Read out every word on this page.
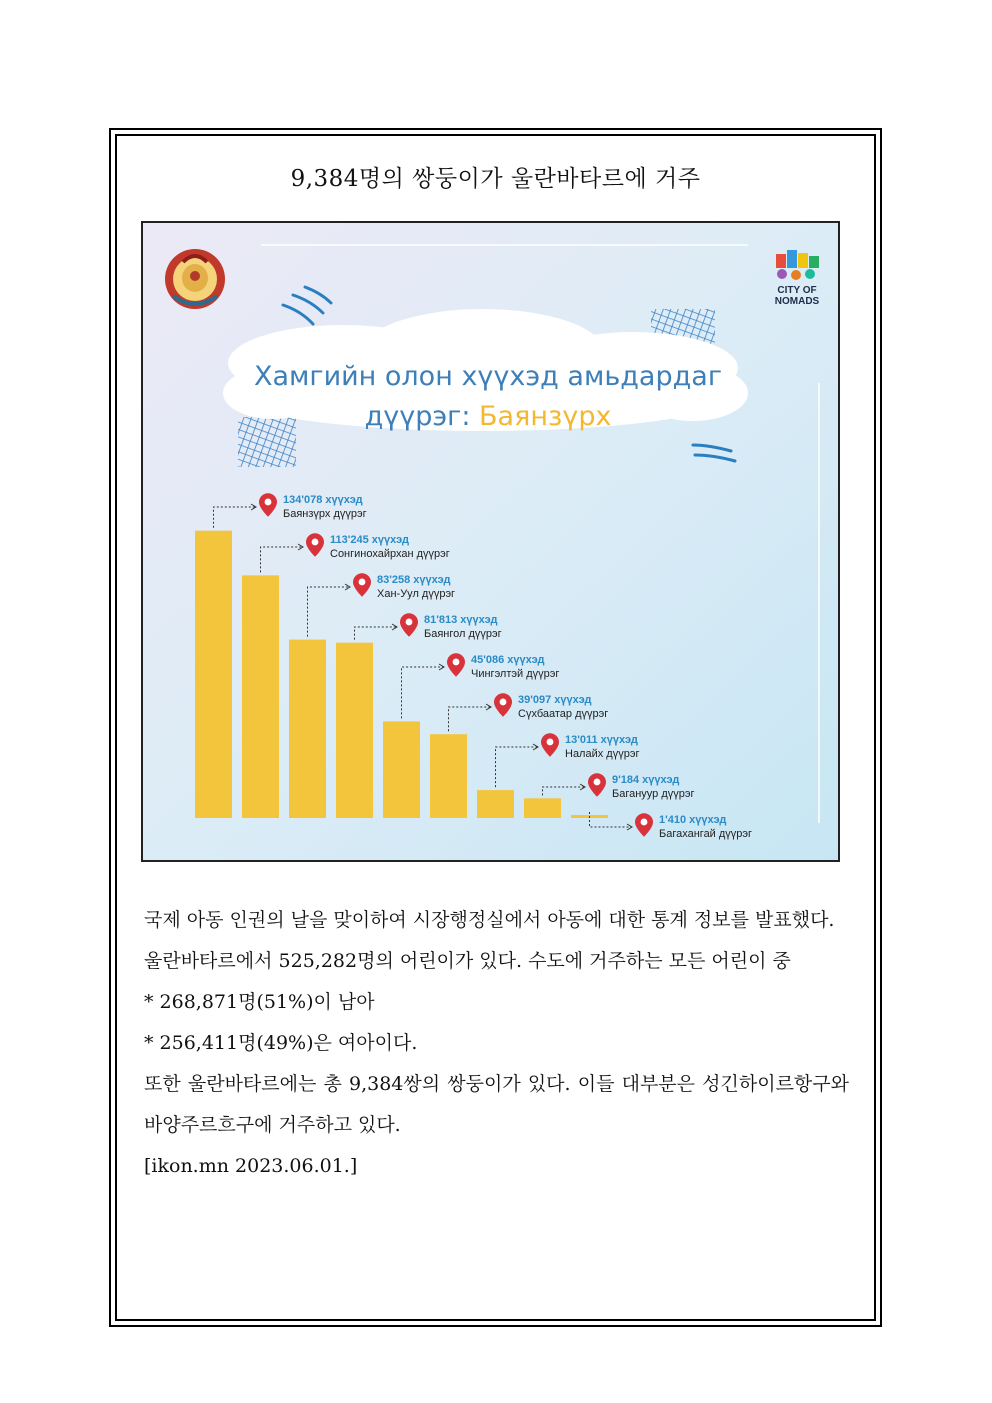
9,384명의 쌍둥이가 울란바타르에 거주
CITY OF
NOMADS
Хамгийн олон хүүхэд амьдардаг
дүүрэг: Баянзүрх
134'078 хүүхэд
Баянзүрх дүүрэг
113'245 хүүхэд
Сонгинохайрхан дүүрэг
83'258 хүүхэд
Хан-Уул дүүрэг
81'813 хүүхэд
Баянгол дүүрэг
45'086 хүүхэд
Чингэлтэй дүүрэг
39'097 хүүхэд
Сүхбаатар дүүрэг
13'011 хүүхэд
Налайх дүүрэг
9'184 хүүхэд
Багануур дүүрэг
1'410 хүүхэд
Багахангай дүүрэг

국제 아동 인권의 날을 맞이하여 시장행정실에서 아동에 대한 통계 정보를 발표했다.

울란바타르에서 525,282명의 어린이가 있다. 수도에 거주하는 모든 어린이 중

* 268,871명(51%)이 남아

* 256,411명(49%)은 여아이다.

또한 울란바타르에는 총 9,384쌍의 쌍둥이가 있다. 이들 대부분은 성긴하이르항구와 바양주르흐구에 거주하고 있다.

[ikon.mn 2023.06.01.]
